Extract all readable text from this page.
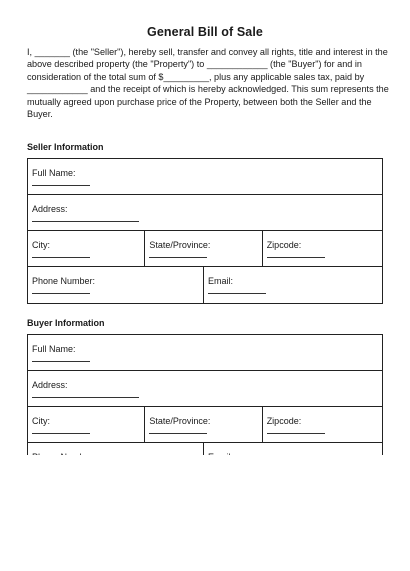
General Bill of Sale

I, _______ (the "Seller"), hereby sell, transfer and convey all rights, title and interest in the
above described property (the "Property") to ____________ (the "Buyer") for and in
consideration of the total sum of $_________, plus any applicable sales tax, paid by
____________ and the receipt of which is hereby acknowledged. This sum represents the
mutually agreed upon purchase price of the Property, between both the Seller and the
Buyer.

Seller Information
Full Name:
Address:
City:	State/Province:	Zipcode:
Phone Number:	Email:
Buyer Information
Full Name:
Address:
City:	State/Province:	Zipcode:
